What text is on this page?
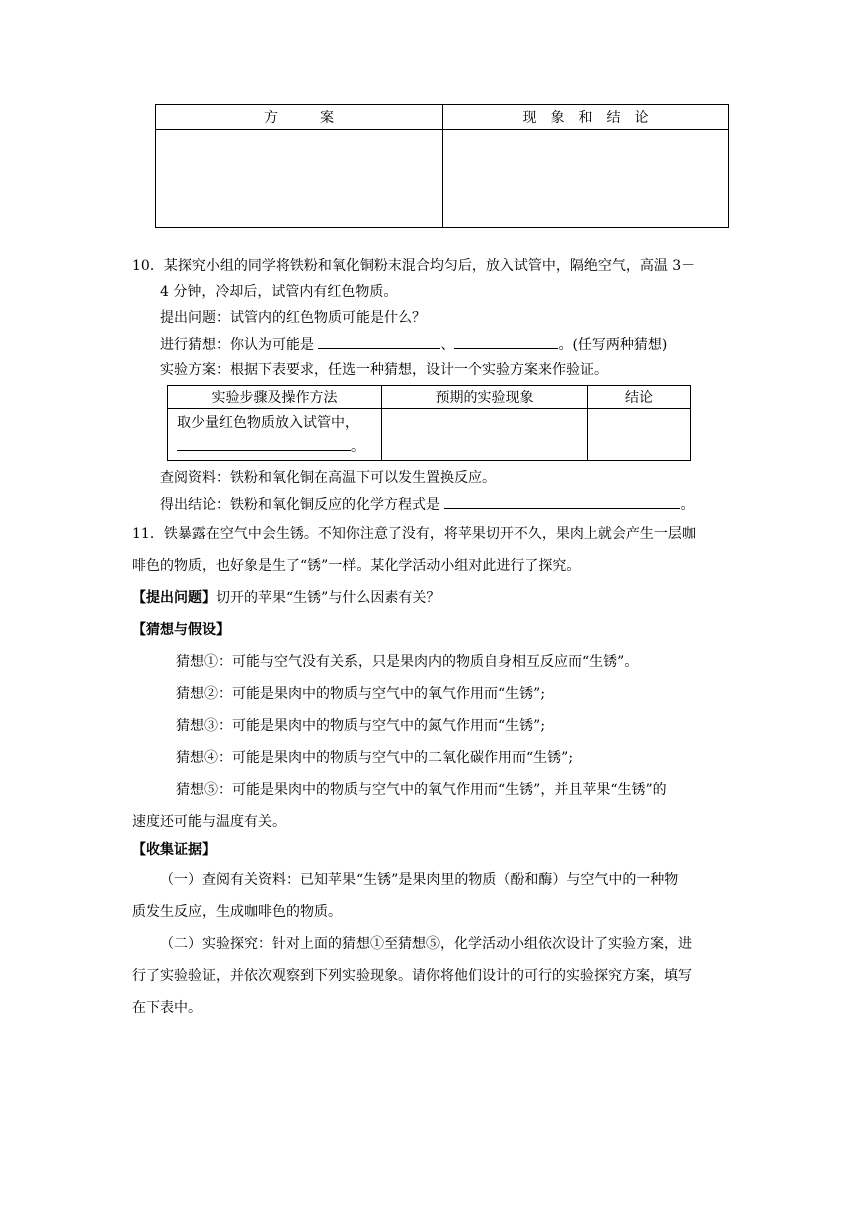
方　　　案	现　象　和　结　论

10．某探究小组的同学将铁粉和氧化铜粉末混合均匀后，放入试管中，隔绝空气，高温 3－
4 分钟，冷却后，试管内有红色物质。
提出问题：试管内的红色物质可能是什么？
进行猜想：你认为可能是	、	。(任写两种猜想)
实验方案：根据下表要求，任选一种猜想，设计一个实验方案来作验证。
实验步骤及操作方法	预期的实验现象	结论

取少量红色物质放入试管中，
。		

查阅资料：铁粉和氧化铜在高温下可以发生置换反应。
得出结论：铁粉和氧化铜反应的化学方程式是	。
11．铁暴露在空气中会生锈。不知你注意了没有，将苹果切开不久，果肉上就会产生一层咖
啡色的物质，也好象是生了“锈”一样。某化学活动小组对此进行了探究。
【提出问题】切开的苹果“生锈”与什么因素有关？
【猜想与假设】
猜想①：可能与空气没有关系，只是果肉内的物质自身相互反应而“生锈”。
猜想②：可能是果肉中的物质与空气中的氧气作用而“生锈”;
猜想③：可能是果肉中的物质与空气中的氮气作用而“生锈”;
猜想④：可能是果肉中的物质与空气中的二氧化碳作用而“生锈”;
猜想⑤：可能是果肉中的物质与空气中的氧气作用而“生锈”，并且苹果“生锈”的
速度还可能与温度有关。
【收集证据】
（一）查阅有关资料：已知苹果“生锈”是果肉里的物质（酚和酶）与空气中的一种物
质发生反应，生成咖啡色的物质。
（二）实验探究：针对上面的猜想①至猜想⑤，化学活动小组依次设计了实验方案，进
行了实验验证，并依次观察到下列实验现象。请你将他们设计的可行的实验探究方案，填写
在下表中。
